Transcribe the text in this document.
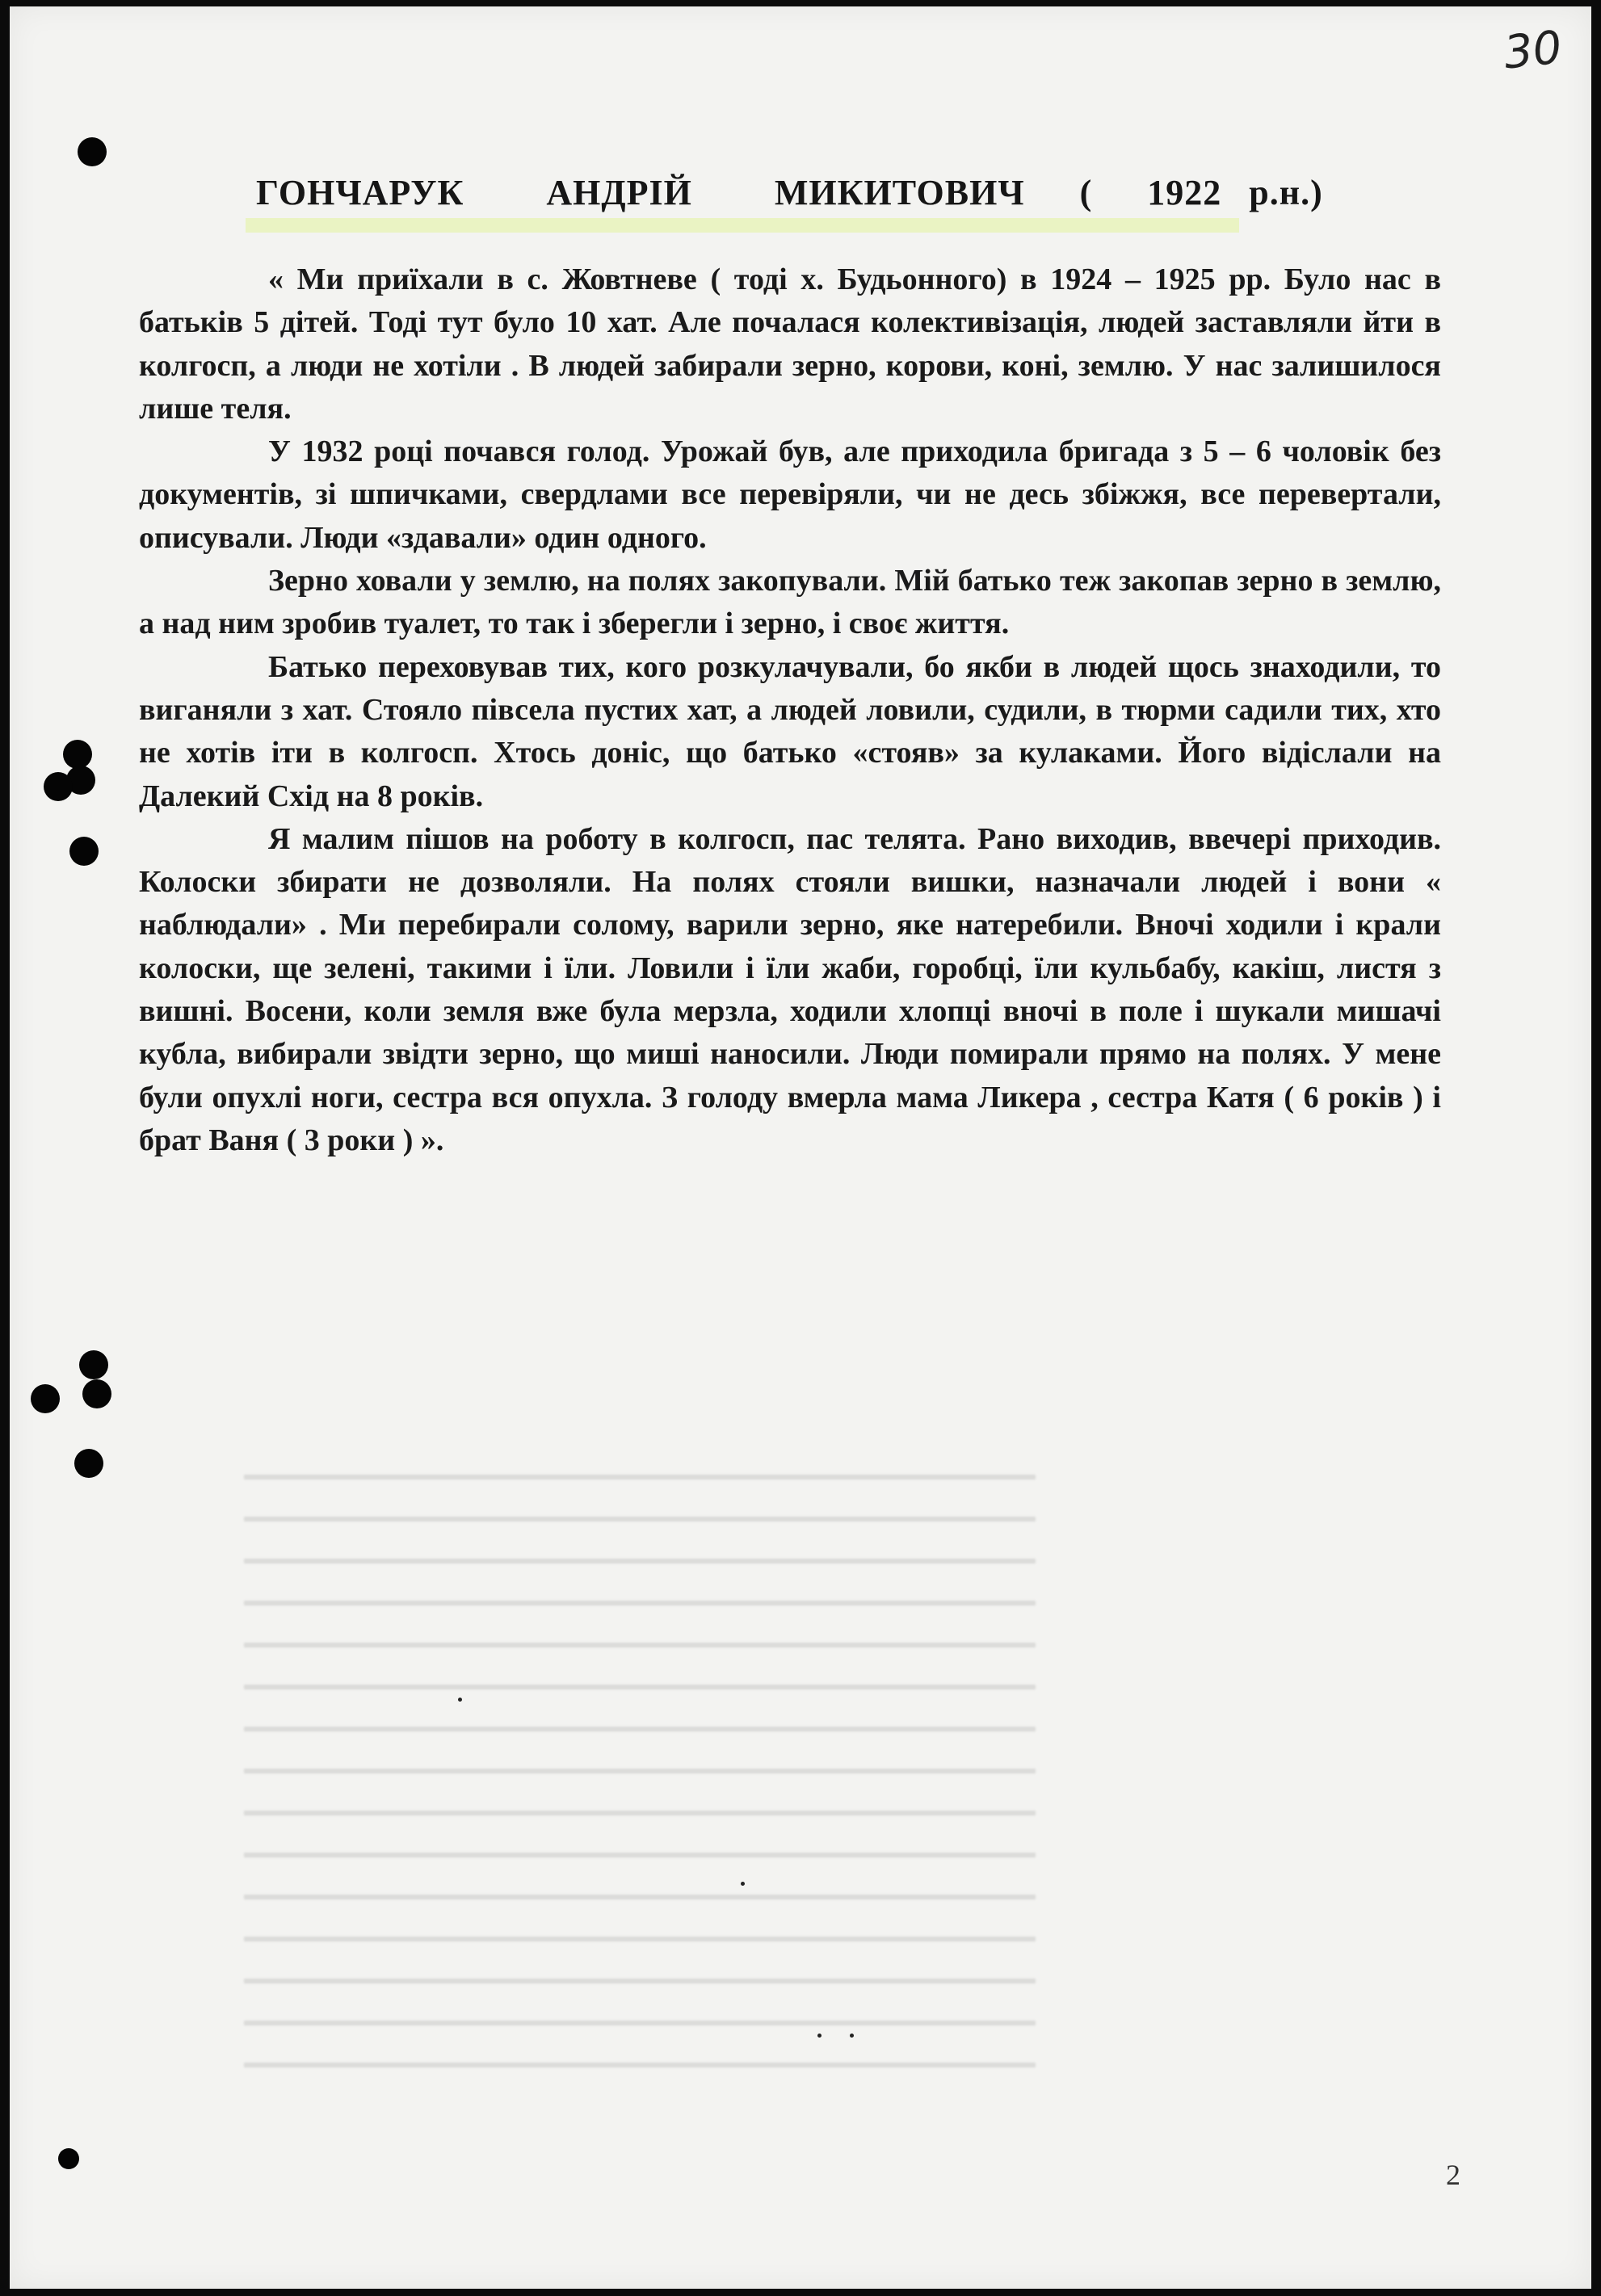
30
ГОНЧАРУК   АНДРІЙ   МИКИТОВИЧ  (  1922 р.н.)

« Ми приїхали в с. Жовтневе ( тоді х. Будьонного) в 1924 – 1925 рр. Було нас в батьків 5 дітей. Тоді тут було 10 хат. Але почалася колективізація, людей заставляли йти в колгосп, а люди не хотіли . В людей забирали зерно, корови, коні, землю. У нас залишилося лише теля.

У 1932 році почався голод. Урожай був, але приходила бригада з 5 – 6 чоловік без документів, зі шпичками, свердлами все перевіряли, чи не десь збіжжя, все перевертали, описували. Люди «здавали» один одного.

Зерно ховали у землю, на полях закопували. Мій батько теж закопав зерно в землю, а над ним зробив туалет, то так і зберегли і зерно, і своє життя.

Батько переховував тих, кого розкулачували, бо якби в людей щось знаходили, то виганяли з хат. Стояло півсела пустих хат, а людей ловили, судили, в тюрми садили тих, хто не хотів іти в колгосп. Хтось доніс, що батько «стояв» за кулаками. Його відіслали на Далекий Схід на 8 років.

Я малим пішов на роботу в колгосп, пас телята. Рано виходив, ввечері приходив. Колоски збирати не дозволяли. На полях стояли вишки, назначали людей і вони « наблюдали» . Ми перебирали солому, варили зерно, яке натеребили. Вночі ходили і крали колоски, ще зелені, такими і їли. Ловили і їли жаби, горобці, їли кульбабу, какіш, листя з вишні. Восени, коли земля вже була мерзла, ходили хлопці вночі в поле і шукали мишачі кубла, вибирали звідти зерно, що миші наносили. Люди помирали прямо на полях. У мене були опухлі ноги, сестра вся опухла. З голоду вмерла мама Ликера , сестра Катя ( 6 років ) і брат Ваня ( 3 роки ) ».

2
